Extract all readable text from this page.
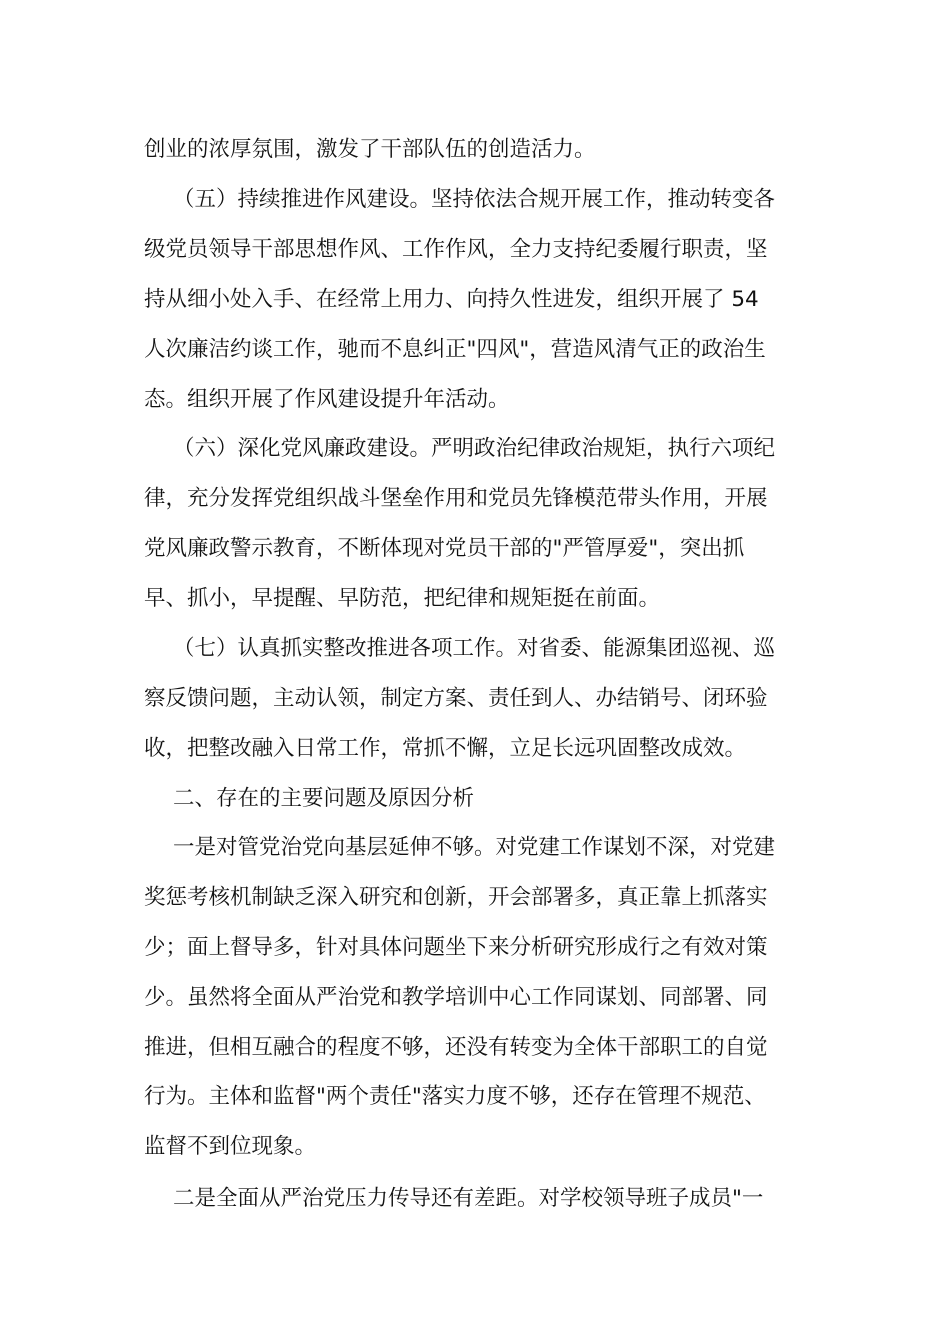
创业的浓厚氛围，激发了干部队伍的创造活力。
（五）持续推进作风建设。坚持依法合规开展工作，推动转变各
级党员领导干部思想作风、工作作风，全力支持纪委履行职责，坚
持从细小处入手、在经常上用力、向持久性进发，组织开展了 54
人次廉洁约谈工作，驰而不息纠正"四风"，营造风清气正的政治生
态。组织开展了作风建设提升年活动。
（六）深化党风廉政建设。严明政治纪律政治规矩，执行六项纪
律，充分发挥党组织战斗堡垒作用和党员先锋模范带头作用，开展
党风廉政警示教育，不断体现对党员干部的"严管厚爱"，突出抓
早、抓小，早提醒、早防范，把纪律和规矩挺在前面。
（七）认真抓实整改推进各项工作。对省委、能源集团巡视、巡
察反馈问题，主动认领，制定方案、责任到人、办结销号、闭环验
收，把整改融入日常工作，常抓不懈，立足长远巩固整改成效。
二、存在的主要问题及原因分析
一是对管党治党向基层延伸不够。对党建工作谋划不深，对党建
奖惩考核机制缺乏深入研究和创新，开会部署多，真正靠上抓落实
少；面上督导多，针对具体问题坐下来分析研究形成行之有效对策
少。虽然将全面从严治党和教学培训中心工作同谋划、同部署、同
推进，但相互融合的程度不够，还没有转变为全体干部职工的自觉
行为。主体和监督"两个责任"落实力度不够，还存在管理不规范、
监督不到位现象。
二是全面从严治党压力传导还有差距。对学校领导班子成员"一
